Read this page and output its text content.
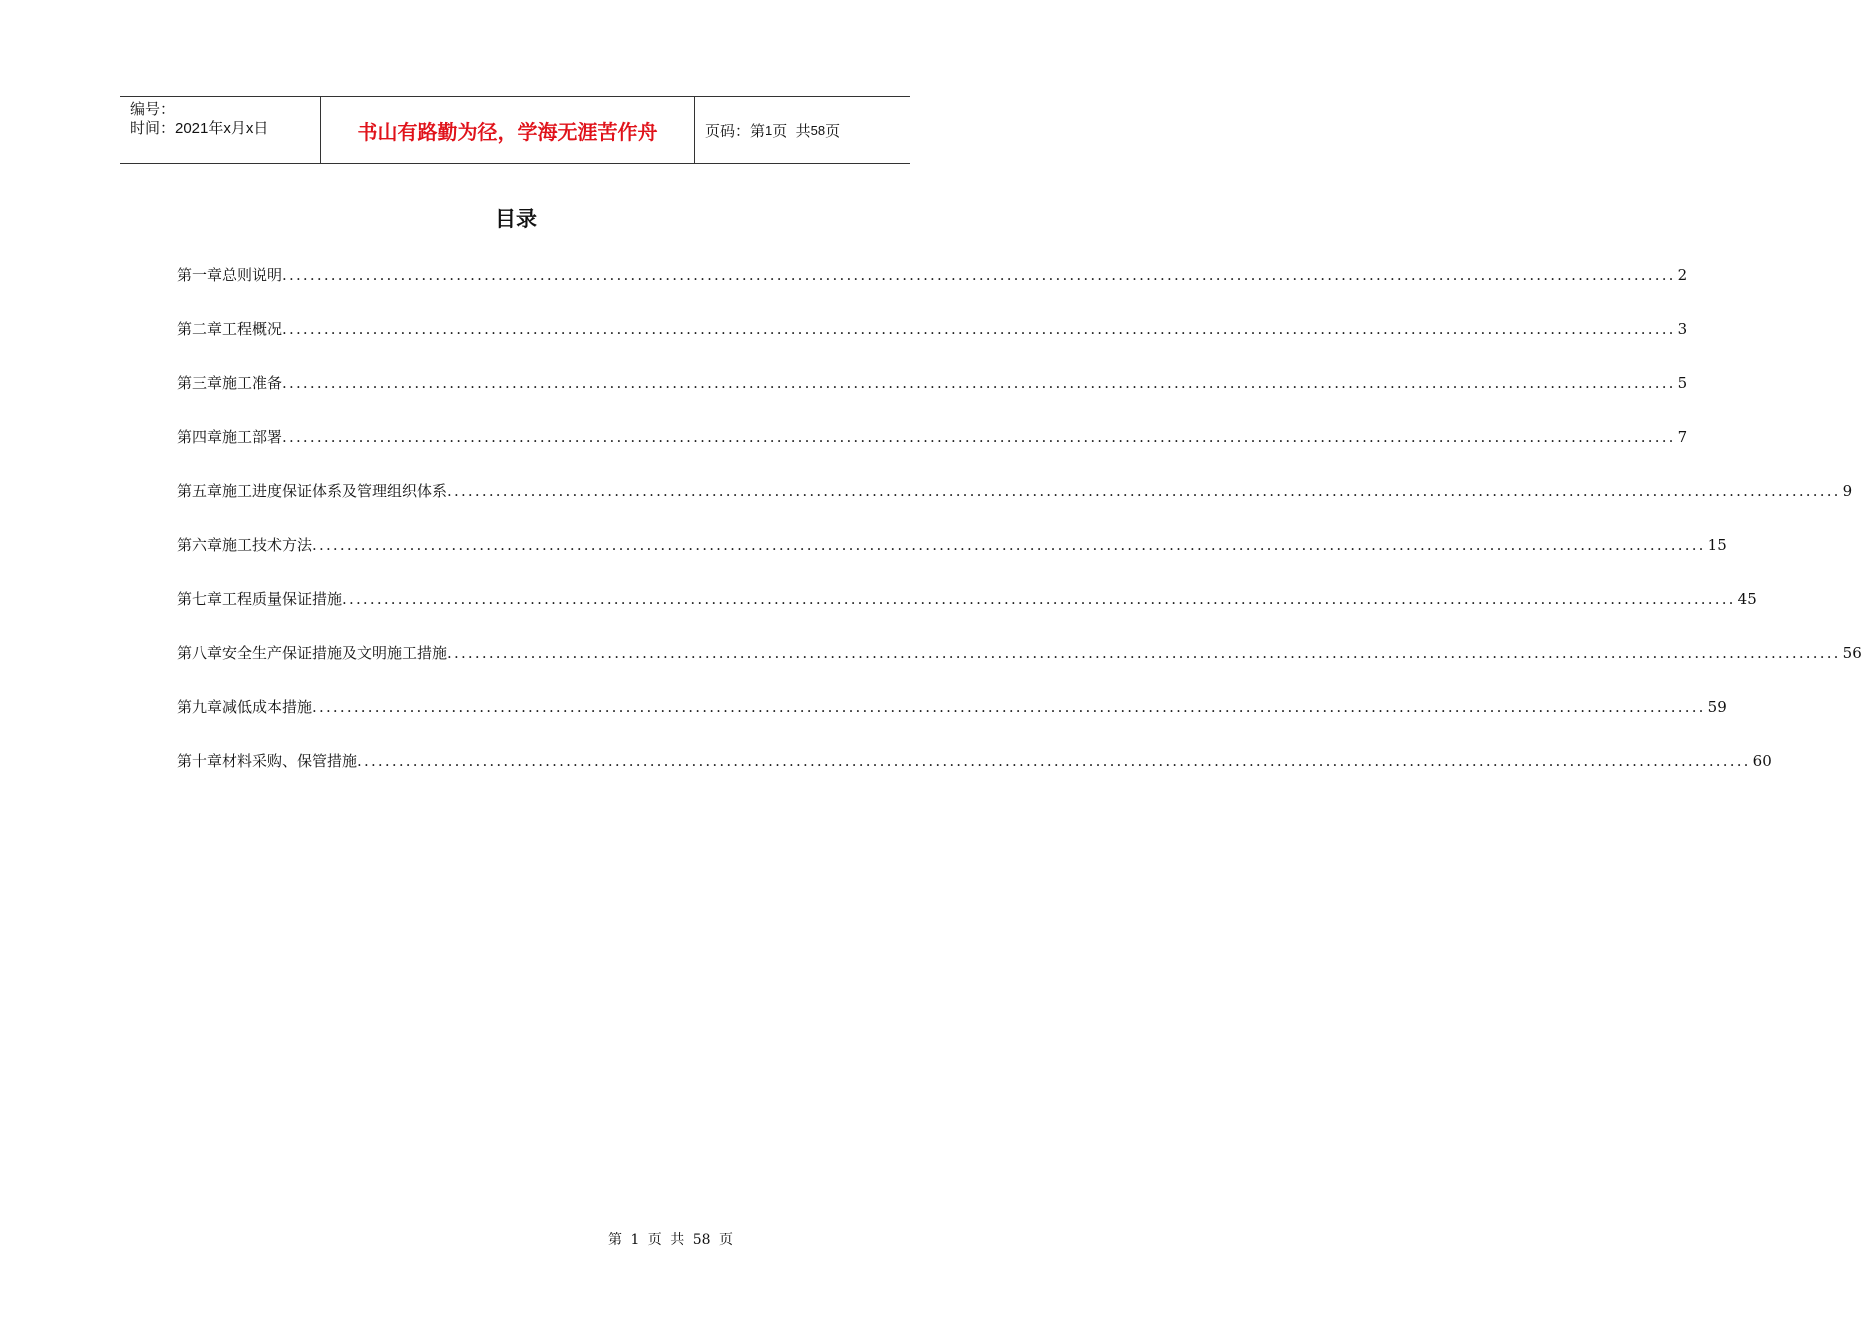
编号：
时间：2021年x月x日	书山有路勤为径，学海无涯苦作舟	页码：第 1 页  共 58 页
目录
第一章 总则说明 ........................................................................................................................................................................................................ 2
第二章 工程概况 ........................................................................................................................................................................................................ 3
第三章 施工准备 ........................................................................................................................................................................................................ 5
第四章 施工部署 ........................................................................................................................................................................................................ 7
第五章 施工进度保证体系及管理组织体系 ........................................................................................................................................................................................................ 9
第六章 施工技术方法 ........................................................................................................................................................................................................ 15
第七章 工程质量保证措施 ........................................................................................................................................................................................................ 45
第八章 安全生产保证措施及文明施工措施 ........................................................................................................................................................................................................ 56
第九章 减低成本措施 ........................................................................................................................................................................................................ 59
第十章 材料采购、保管措施 ........................................................................................................................................................................................................ 60
第 1 页 共 58 页
